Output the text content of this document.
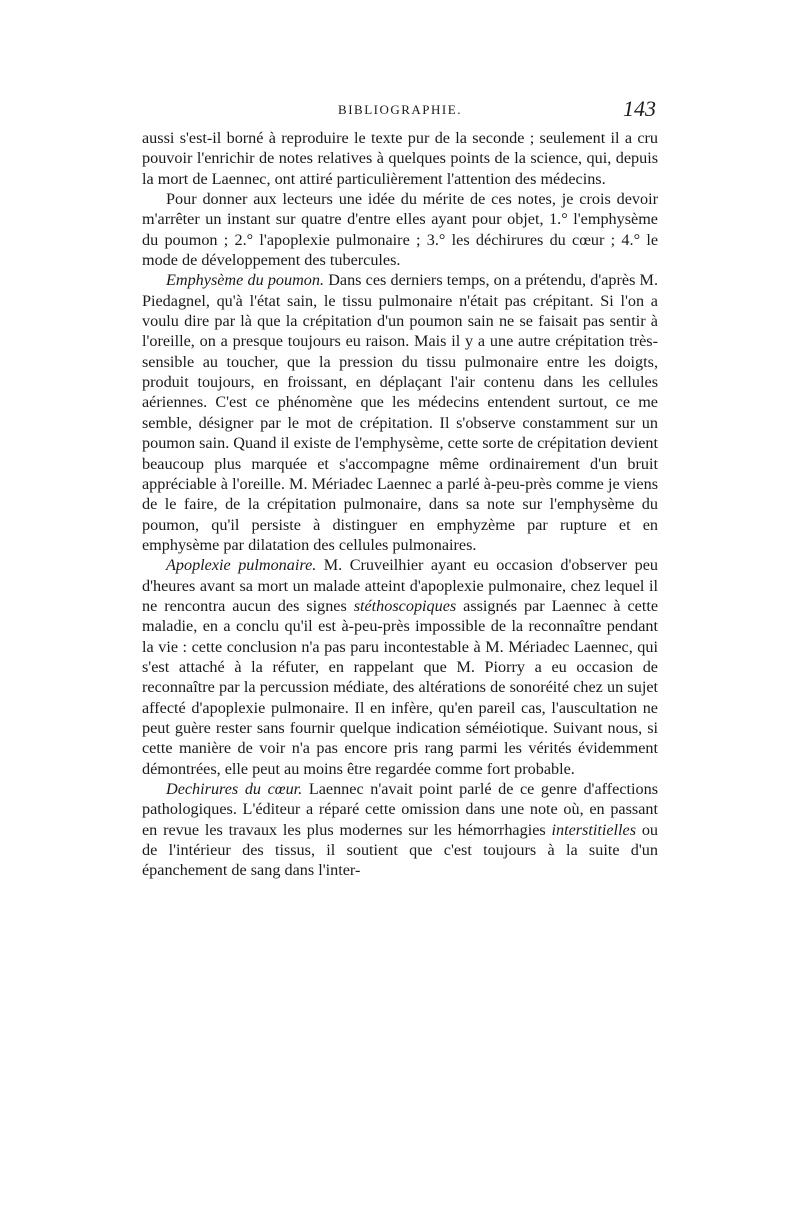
BIBLIOGRAPHIE.	143

aussi s'est-il borné à reproduire le texte pur de la seconde ; seulement il a cru pouvoir l'enrichir de notes relatives à quelques points de la science, qui, depuis la mort de Laennec, ont attiré particulièrement l'attention des médecins.

Pour donner aux lecteurs une idée du mérite de ces notes, je crois devoir m'arrêter un instant sur quatre d'entre elles ayant pour objet, 1.° l'emphysème du poumon ; 2.° l'apoplexie pulmonaire ; 3.° les déchirures du cœur ; 4.° le mode de développement des tubercules.

Emphysème du poumon. Dans ces derniers temps, on a prétendu, d'après M. Piedagnel, qu'à l'état sain, le tissu pulmonaire n'était pas crépitant. Si l'on a voulu dire par là que la crépitation d'un poumon sain ne se faisait pas sentir à l'oreille, on a presque toujours eu raison. Mais il y a une autre crépitation très-sensible au toucher, que la pression du tissu pulmonaire entre les doigts, produit toujours, en froissant, en déplaçant l'air contenu dans les cellules aériennes. C'est ce phénomène que les médecins entendent surtout, ce me semble, désigner par le mot de crépitation. Il s'observe constamment sur un poumon sain. Quand il existe de l'emphysème, cette sorte de crépitation devient beaucoup plus marquée et s'accompagne même ordinairement d'un bruit appréciable à l'oreille. M. Mériadec Laennec a parlé à-peu-près comme je viens de le faire, de la crépitation pulmonaire, dans sa note sur l'emphysème du poumon, qu'il persiste à distinguer en emphyzème par rupture et en emphysème par dilatation des cellules pulmonaires.

Apoplexie pulmonaire. M. Cruveilhier ayant eu occasion d'observer peu d'heures avant sa mort un malade atteint d'apoplexie pulmonaire, chez lequel il ne rencontra aucun des signes stéthoscopiques assignés par Laennec à cette maladie, en a conclu qu'il est à-peu-près impossible de la reconnaître pendant la vie : cette conclusion n'a pas paru incontestable à M. Mériadec Laennec, qui s'est attaché à la réfuter, en rappelant que M. Piorry a eu occasion de reconnaître par la percussion médiate, des altérations de sonoréité chez un sujet affecté d'apoplexie pulmonaire. Il en infère, qu'en pareil cas, l'auscultation ne peut guère rester sans fournir quelque indication séméiotique. Suivant nous, si cette manière de voir n'a pas encore pris rang parmi les vérités évidemment démontrées, elle peut au moins être regardée comme fort probable.

Dechirures du cœur. Laennec n'avait point parlé de ce genre d'affections pathologiques. L'éditeur a réparé cette omission dans une note où, en passant en revue les travaux les plus modernes sur les hémorrhagies interstitielles ou de l'intérieur des tissus, il soutient que c'est toujours à la suite d'un épanchement de sang dans l'inter-
